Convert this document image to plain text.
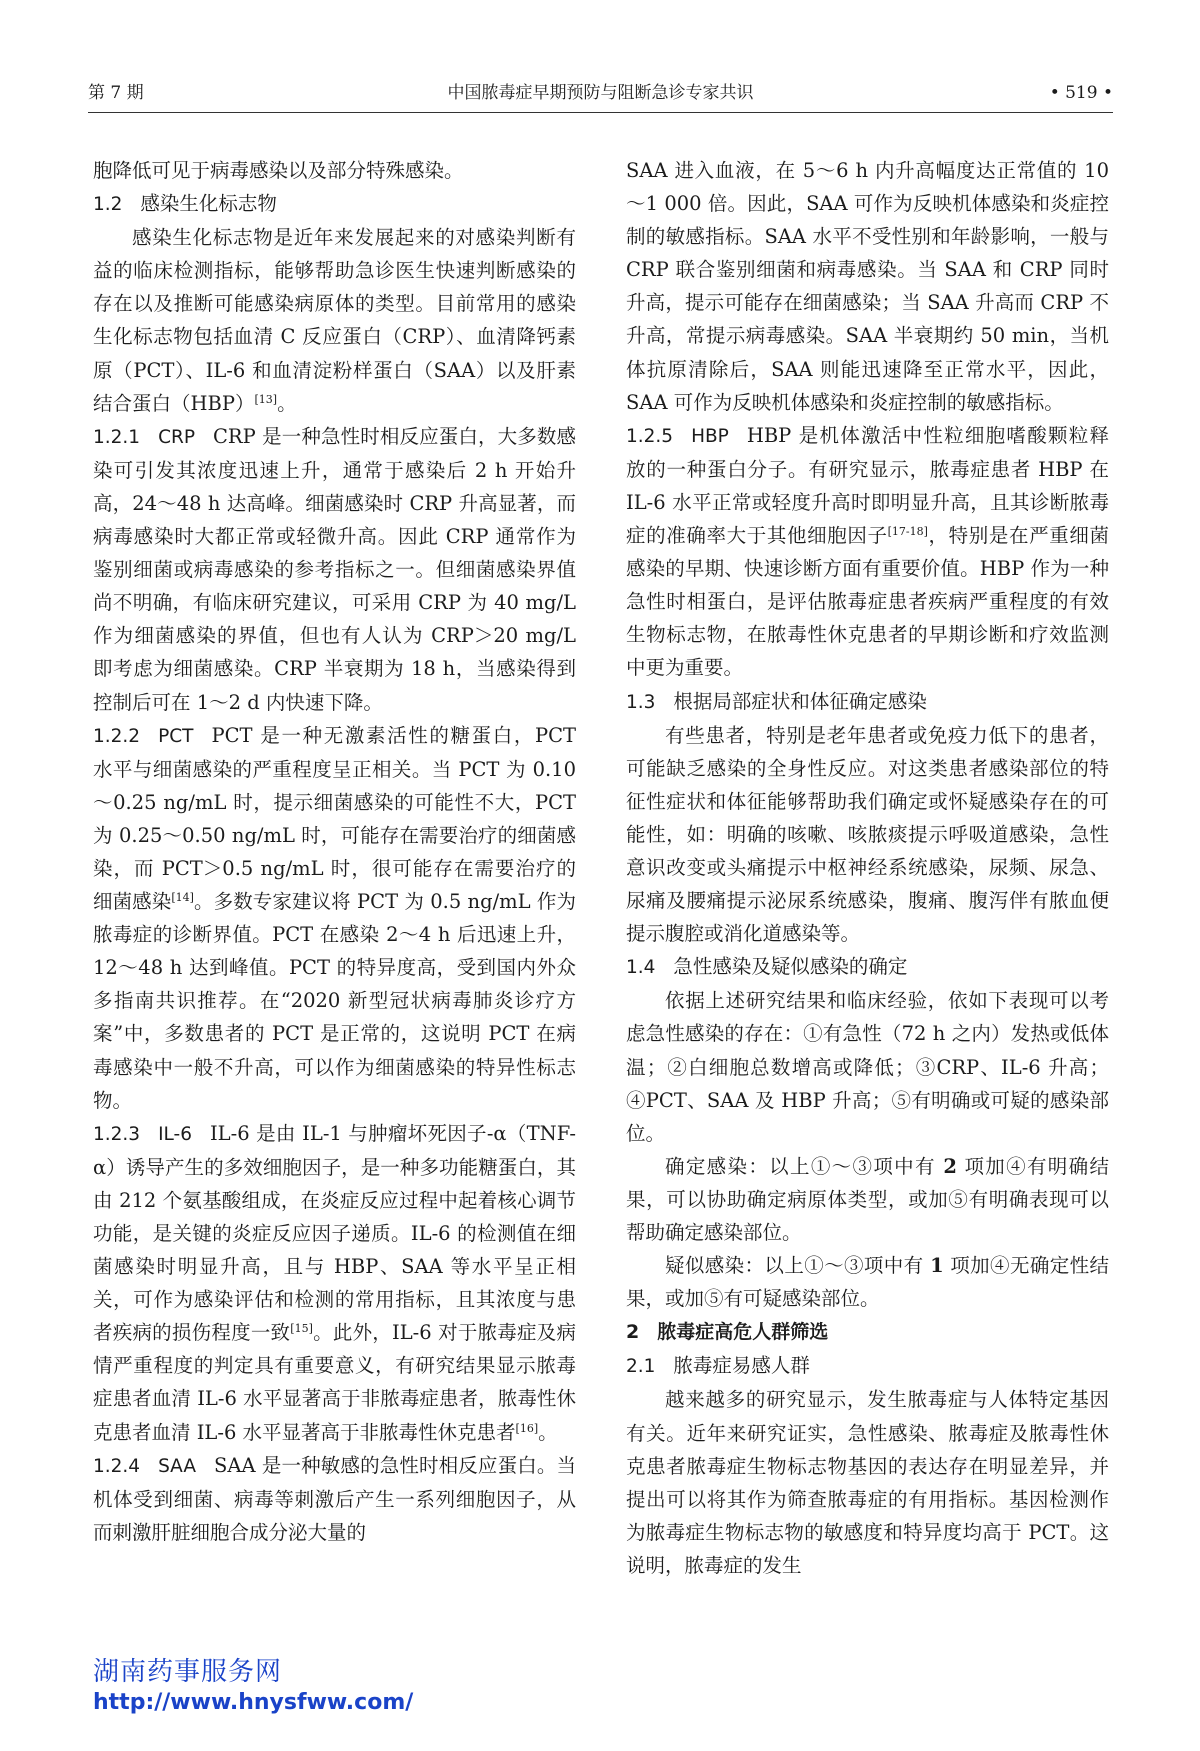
第 7 期	中国脓毒症早期预防与阻断急诊专家共识	• 519 •

胞降低可见于病毒感染以及部分特殊感染。

1.2 感染生化标志物

感染生化标志物是近年来发展起来的对感染判断有益的临床检测指标，能够帮助急诊医生快速判断感染的存在以及推断可能感染病原体的类型。目前常用的感染生化标志物包括血清 C 反应蛋白（CRP）、血清降钙素原（PCT）、IL-6 和血清淀粉样蛋白（SAA）以及肝素结合蛋白（HBP）[13]。

1.2.1 CRP CRP 是一种急性时相反应蛋白，大多数感染可引发其浓度迅速上升，通常于感染后 2 h 开始升高，24～48 h 达高峰。细菌感染时 CRP 升高显著，而病毒感染时大都正常或轻微升高。因此 CRP 通常作为鉴别细菌或病毒感染的参考指标之一。但细菌感染界值尚不明确，有临床研究建议，可采用 CRP 为 40 mg/L 作为细菌感染的界值，但也有人认为 CRP＞20 mg/L 即考虑为细菌感染。CRP 半衰期为 18 h，当感染得到控制后可在 1～2 d 内快速下降。

1.2.2 PCT PCT 是一种无激素活性的糖蛋白，PCT 水平与细菌感染的严重程度呈正相关。当 PCT 为 0.10～0.25 ng/mL 时，提示细菌感染的可能性不大，PCT 为 0.25～0.50 ng/mL 时，可能存在需要治疗的细菌感染，而 PCT＞0.5 ng/mL 时，很可能存在需要治疗的细菌感染[14]。多数专家建议将 PCT 为 0.5 ng/mL 作为脓毒症的诊断界值。PCT 在感染 2～4 h 后迅速上升，12～48 h 达到峰值。PCT 的特异度高，受到国内外众多指南共识推荐。在“2020 新型冠状病毒肺炎诊疗方案”中，多数患者的 PCT 是正常的，这说明 PCT 在病毒感染中一般不升高，可以作为细菌感染的特异性标志物。

1.2.3 IL-6 IL-6 是由 IL-1 与肿瘤坏死因子-α（TNF-α）诱导产生的多效细胞因子，是一种多功能糖蛋白，其由 212 个氨基酸组成，在炎症反应过程中起着核心调节功能，是关键的炎症反应因子递质。IL-6 的检测值在细菌感染时明显升高，且与 HBP、SAA 等水平呈正相关，可作为感染评估和检测的常用指标，且其浓度与患者疾病的损伤程度一致[15]。此外，IL-6 对于脓毒症及病情严重程度的判定具有重要意义，有研究结果显示脓毒症患者血清 IL-6 水平显著高于非脓毒症患者，脓毒性休克患者血清 IL-6 水平显著高于非脓毒性休克患者[16]。

1.2.4 SAA SAA 是一种敏感的急性时相反应蛋白。当机体受到细菌、病毒等刺激后产生一系列细胞因子，从而刺激肝脏细胞合成分泌大量的

SAA 进入血液，在 5～6 h 内升高幅度达正常值的 10～1 000 倍。因此，SAA 可作为反映机体感染和炎症控制的敏感指标。SAA 水平不受性别和年龄影响，一般与 CRP 联合鉴别细菌和病毒感染。当 SAA 和 CRP 同时升高，提示可能存在细菌感染；当 SAA 升高而 CRP 不升高，常提示病毒感染。SAA 半衰期约 50 min，当机体抗原清除后，SAA 则能迅速降至正常水平，因此，SAA 可作为反映机体感染和炎症控制的敏感指标。

1.2.5 HBP HBP 是机体激活中性粒细胞嗜酸颗粒释放的一种蛋白分子。有研究显示，脓毒症患者 HBP 在 IL-6 水平正常或轻度升高时即明显升高，且其诊断脓毒症的准确率大于其他细胞因子[17-18]，特别是在严重细菌感染的早期、快速诊断方面有重要价值。HBP 作为一种急性时相蛋白，是评估脓毒症患者疾病严重程度的有效生物标志物，在脓毒性休克患者的早期诊断和疗效监测中更为重要。

1.3 根据局部症状和体征确定感染

有些患者，特别是老年患者或免疫力低下的患者，可能缺乏感染的全身性反应。对这类患者感染部位的特征性症状和体征能够帮助我们确定或怀疑感染存在的可能性，如：明确的咳嗽、咳脓痰提示呼吸道感染，急性意识改变或头痛提示中枢神经系统感染，尿频、尿急、尿痛及腰痛提示泌尿系统感染，腹痛、腹泻伴有脓血便提示腹腔或消化道感染等。

1.4 急性感染及疑似感染的确定

依据上述研究结果和临床经验，依如下表现可以考虑急性感染的存在：①有急性（72 h 之内）发热或低体温；②白细胞总数增高或降低；③CRP、IL-6 升高；④PCT、SAA 及 HBP 升高；⑤有明确或可疑的感染部位。

确定感染：以上①～③项中有 2 项加④有明确结果，可以协助确定病原体类型，或加⑤有明确表现可以帮助确定感染部位。

疑似感染：以上①～③项中有 1 项加④无确定性结果，或加⑤有可疑感染部位。

2 脓毒症高危人群筛选

2.1 脓毒症易感人群

越来越多的研究显示，发生脓毒症与人体特定基因有关。近年来研究证实，急性感染、脓毒症及脓毒性休克患者脓毒症生物标志物基因的表达存在明显差异，并提出可以将其作为筛查脓毒症的有用指标。基因检测作为脓毒症生物标志物的敏感度和特异度均高于 PCT。这说明，脓毒症的发生

湖南药事服务网
http://www.hnysfww.com/
